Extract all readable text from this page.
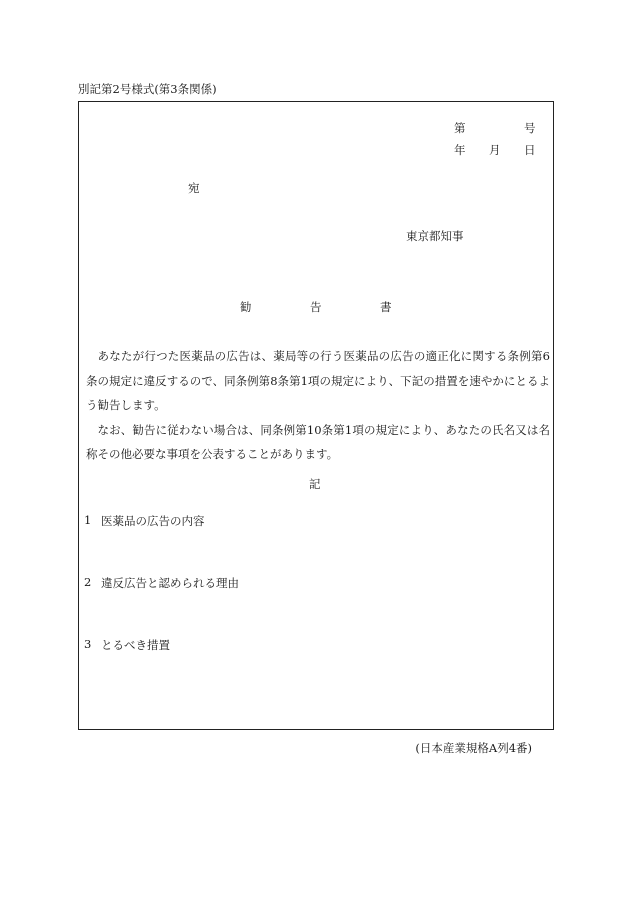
別記第2号様式(第3条関係)
第	号
年 月 日
宛
東京都知事
勧	告	書

あなたが行つた医薬品の広告は、薬局等の行う医薬品の広告の適正化に関する条例第6条の規定に違反するので、同条例第8条第1項の規定により、下記の措置を速やかにとるよう勧告します。

なお、勧告に従わない場合は、同条例第10条第1項の規定により、あなたの氏名又は名称その他必要な事項を公表することがあります。

記
1 医薬品の広告の内容
2 違反広告と認められる理由
3 とるべき措置
(日本産業規格A列4番)
